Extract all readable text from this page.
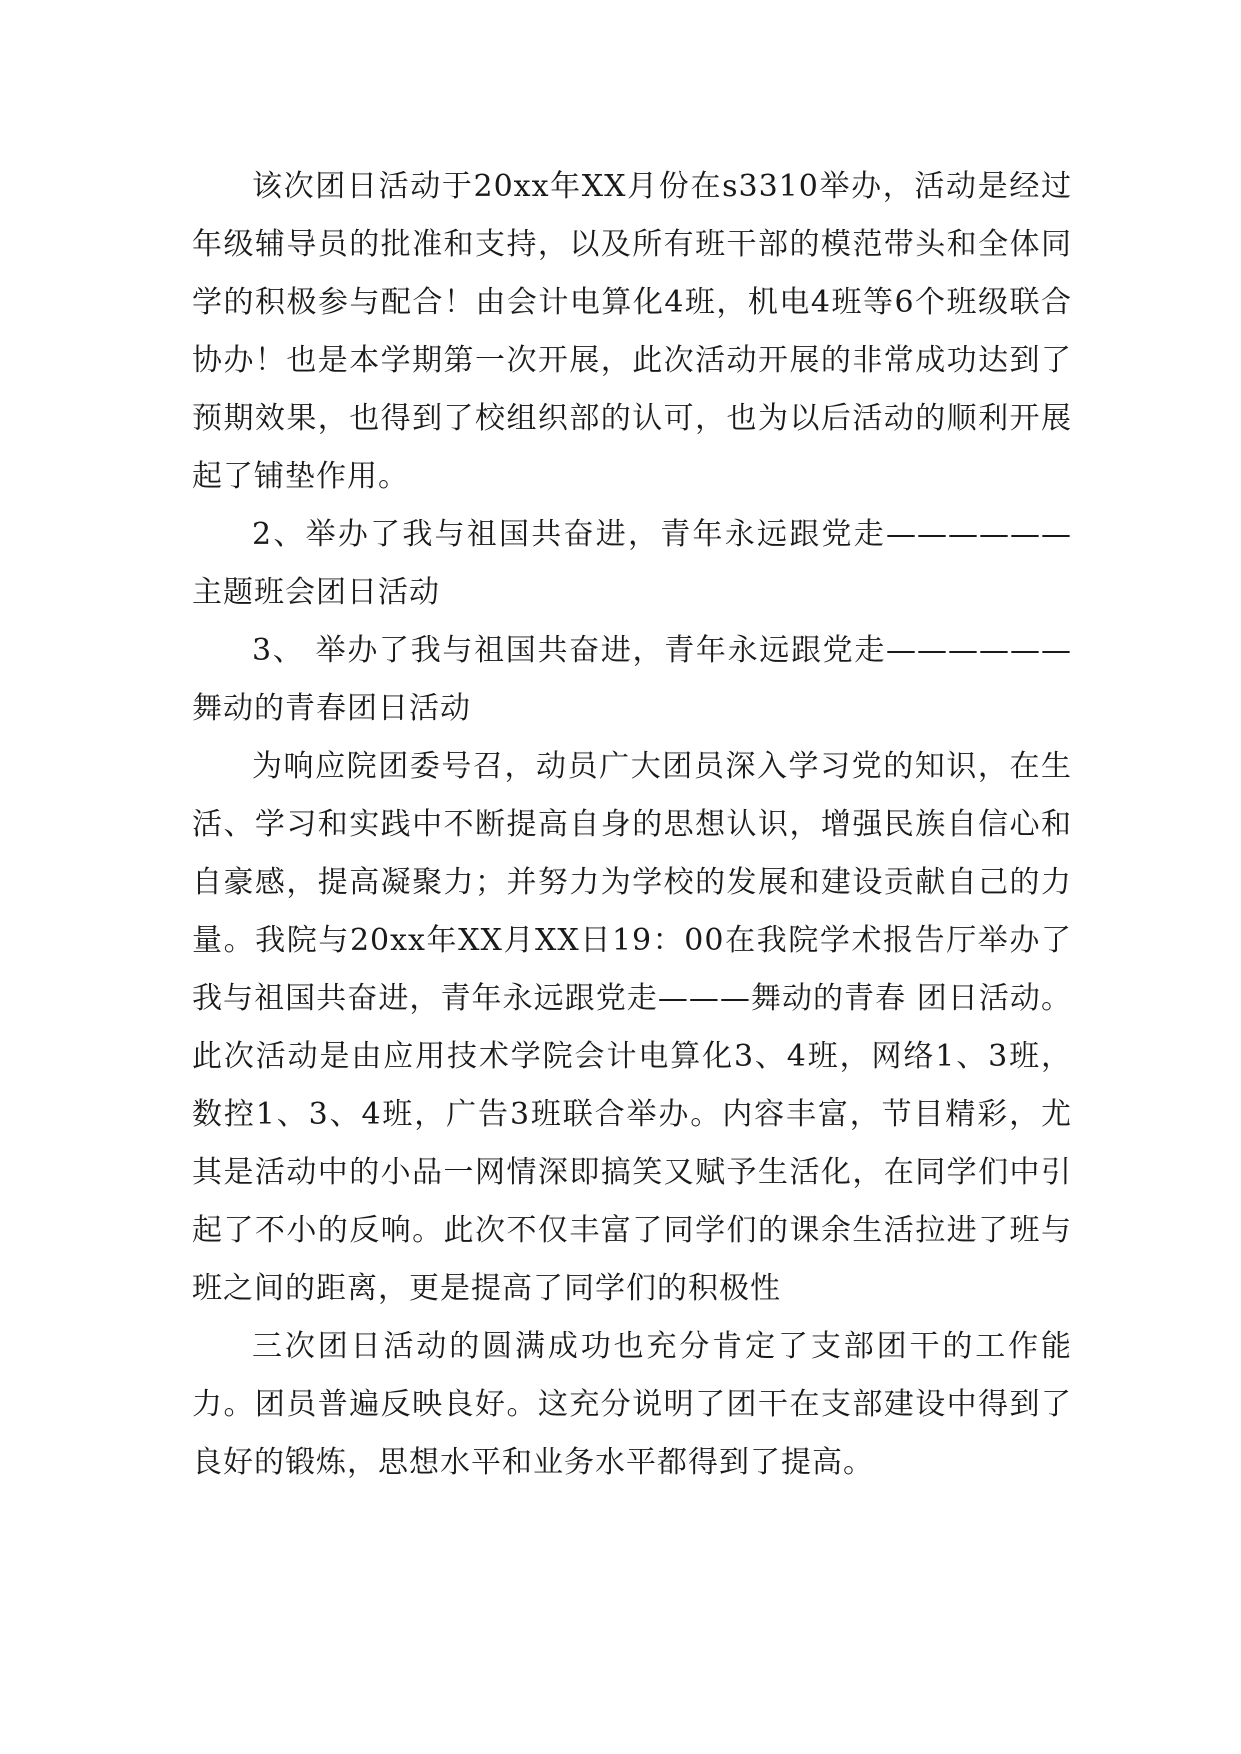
该次团日活动于20xx年XX月份在s3310举办，活动是经过年级辅导员的批准和支持，以及所有班干部的模范带头和全体同学的积极参与配合！由会计电算化4班，机电4班等6个班级联合协办！也是本学期第一次开展，此次活动开展的非常成功达到了预期效果，也得到了校组织部的认可，也为以后活动的顺利开展起了铺垫作用。

2、举办了我与祖国共奋进，青年永远跟党走——————主题班会团日活动

3、 举办了我与祖国共奋进，青年永远跟党走——————舞动的青春团日活动

为响应院团委号召，动员广大团员深入学习党的知识，在生活、学习和实践中不断提高自身的思想认识，增强民族自信心和自豪感，提高凝聚力；并努力为学校的发展和建设贡献自己的力量。我院与20xx年XX月XX日19：00在我院学术报告厅举办了 我与祖国共奋进，青年永远跟党走———舞动的青春 团日活动。此次活动是由应用技术学院会计电算化3、4班，网络1、3班，数控1、3、4班，广告3班联合举办。内容丰富，节目精彩，尤其是活动中的小品一网情深即搞笑又赋予生活化，在同学们中引起了不小的反响。此次不仅丰富了同学们的课余生活拉进了班与班之间的距离，更是提高了同学们的积极性

三次团日活动的圆满成功也充分肯定了支部团干的工作能力。团员普遍反映良好。这充分说明了团干在支部建设中得到了良好的锻炼，思想水平和业务水平都得到了提高。
